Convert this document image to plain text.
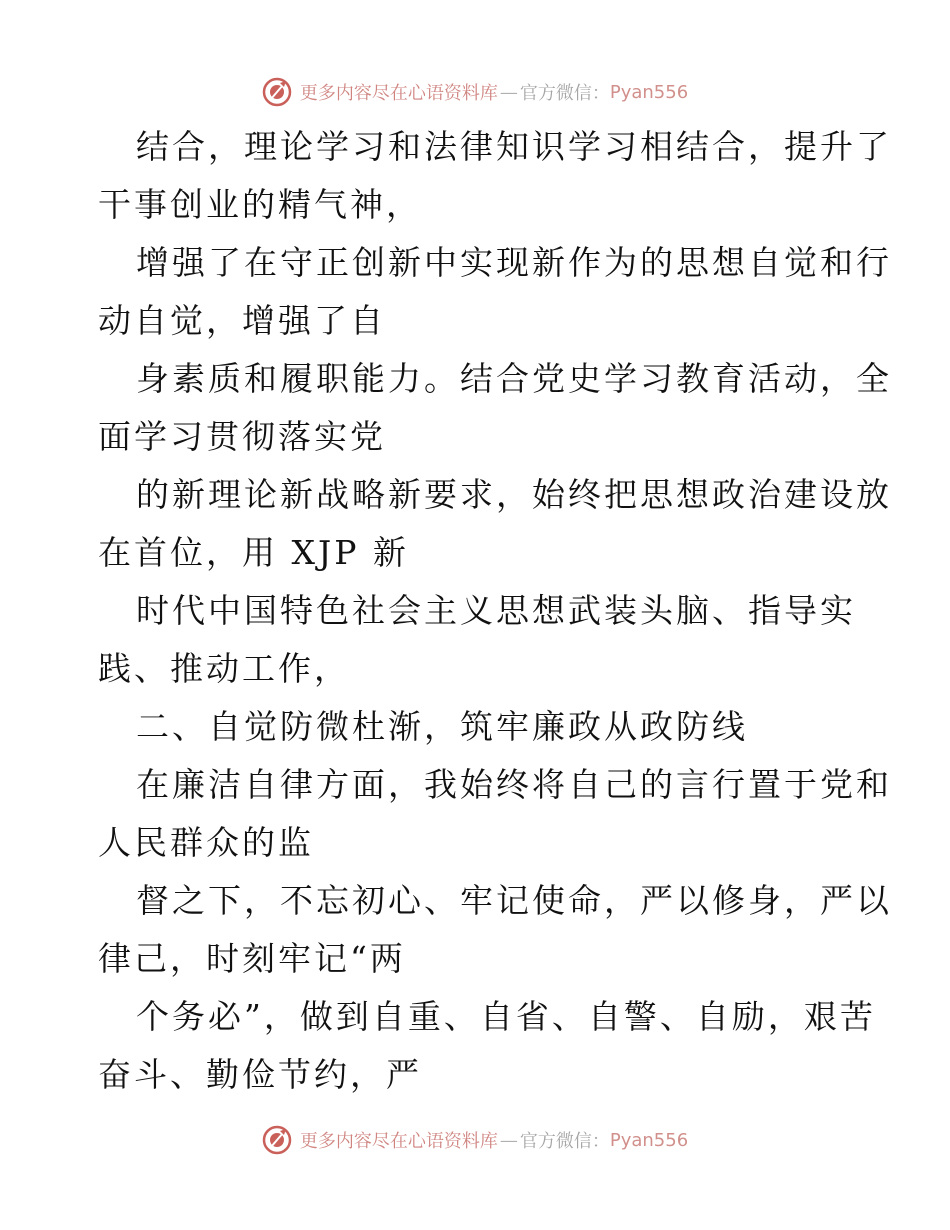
更多内容尽在心语资料库 — 官方微信： Pyan556
结合，理论学习和法律知识学习相结合，提升了
干事创业的精气神，
增强了在守正创新中实现新作为的思想自觉和行
动自觉，增强了自
身素质和履职能力。结合党史学习教育活动，全
面学习贯彻落实党
的新理论新战略新要求，始终把思想政治建设放
在首位，用 XJP 新
时代中国特色社会主义思想武装头脑、指导实
践、推动工作，
二、自觉防微杜渐，筑牢廉政从政防线
在廉洁自律方面，我始终将自己的言行置于党和
人民群众的监
督之下，不忘初心、牢记使命，严以修身，严以
律己，时刻牢记“两
个务必”，做到自重、自省、自警、自励，艰苦
奋斗、勤俭节约，严
更多内容尽在心语资料库 — 官方微信： Pyan556
